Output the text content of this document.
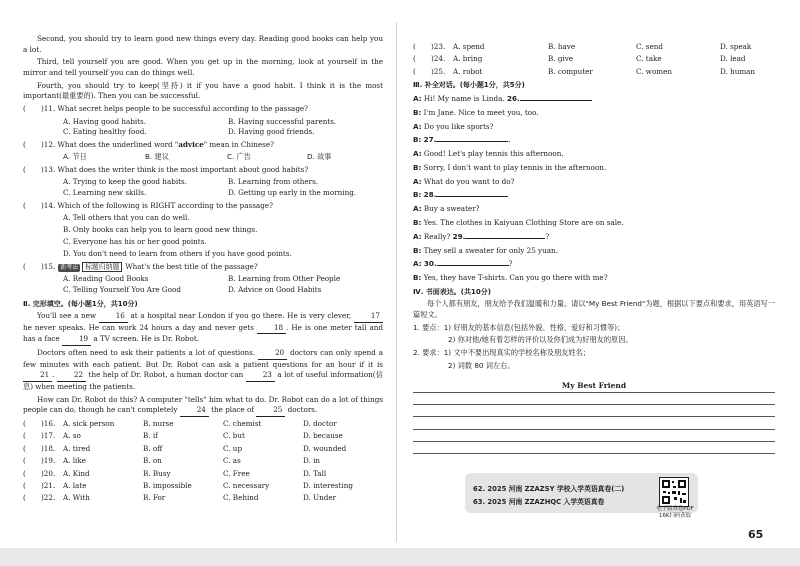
Second, you should try to learn good new things every day. Reading good books can help you a lot.

Third, tell yourself you are good. When you get up in the morning, look at yourself in the mirror and tell yourself you can do things well.

Fourth, you should try to keep(坚持) it if you have a good habit. I think it is the most important(最重要的). Then you can be successful.

(	)11. What secret helps people to be successful according to the passage?
A. Having good habits.	B. Having successful parents.
C. Eating healthy food.	D. Having good friends.
(	)12. What does the underlined word "advice" mean in Chinese?
A. 节日	B. 建议	C. 广告	D. 故事
(	)13. What does the writer think is the most important about good habits?
A. Trying to keep the good habits.	B. Learning from others.
C. Learning new skills.	D. Getting up early in the morning.
(	)14. Which of the following is RIGHT according to the passage?
A. Tell others that you can do well.
B. Only books can help you to learn good new things.
C. Everyone has his or her good points.
D. You don't need to learn from others if you have good points.
(	)15. 新考法 标题归纳题 What's the best title of the passage?
A. Reading Good Books	B. Learning from Other People
C. Telling Yourself You Are Good	D. Advice on Good Habits
Ⅱ. 完形填空。(每小题1分，共10分)

You'll see a new 16 at a hospital near London if you go there. He is very clever, 17 he never speaks. He can work 24 hours a day and never gets 18 . He is one meter tall and has a face 19 a TV screen. He is Dr. Robot.

Doctors often need to ask their patients a lot of questions. 20 doctors can only spend a few minutes with each patient. But Dr. Robot can ask a patient questions for an hour if it is 21 . 22 the help of Dr. Robot, a human doctor can 23 a lot of useful information(信息) when meeting the patients.

How can Dr. Robot do this? A computer "tells" him what to do. Dr. Robot can do a lot of things people can do, though he can't completely 24 the place of 25 doctors.

( )16.	A. sick person	B. nurse	C. chemist	D. doctor
( )17.	A. so	B. if	C. but	D. because
( )18.	A. tired	B. off	C. up	D. wounded
( )19.	A. like	B. on	C. as	D. in
( )20.	A. Kind	B. Busy	C. Free	D. Tall
( )21.	A. late	B. impossible	C. necessary	D. interesting
( )22.	A. With	B. For	C. Behind	D. Under
( )23.	A. spend	B. have	C. send	D. speak
( )24.	A. bring	B. give	C. take	D. lead
( )25.	A. robot	B. computer	C. women	D. human
Ⅲ. 补全对话。(每小题1分，共5分)
A: Hi! My name is Linda. 26.
B: I'm Jane. Nice to meet you, too.
A: Do you like sports?
B: 27.	.
A: Good! Let's play tennis this afternoon.
B: Sorry, I don't want to play tennis in the afternoon.
A: What do you want to do?
B: 28.
A: Buy a sweater?
B: Yes. The clothes in Kaiyuan Clothing Store are on sale.
A: Really? 29.	?
B: They sell a sweater for only 25 yuan.
A: 30.	?
B: Yes, they have T-shirts. Can you go there with me?
Ⅳ. 书面表达。(共10分)

每个人都有朋友，朋友给予我们温暖和力量。请以"My Best Friend"为题，根据以下要点和要求，用英语写一篇短文。

1. 要点：1) 好朋友的基本信息(包括外貌、性格、爱好和习惯等)；
2) 你对他/她有着怎样的评价以及你们成为好朋友的原因。
2. 要求：1) 文中不要出现真实的学校名称及朋友姓名；
2) 词数 80 词左右。
My Best Friend
62. 2025 河南 ZZAZSY 学校入学英语真卷(二)
63. 2025 河南 ZZAZHQC 入学英语真卷
电子版真卷PDF
16K扫码获取
65
